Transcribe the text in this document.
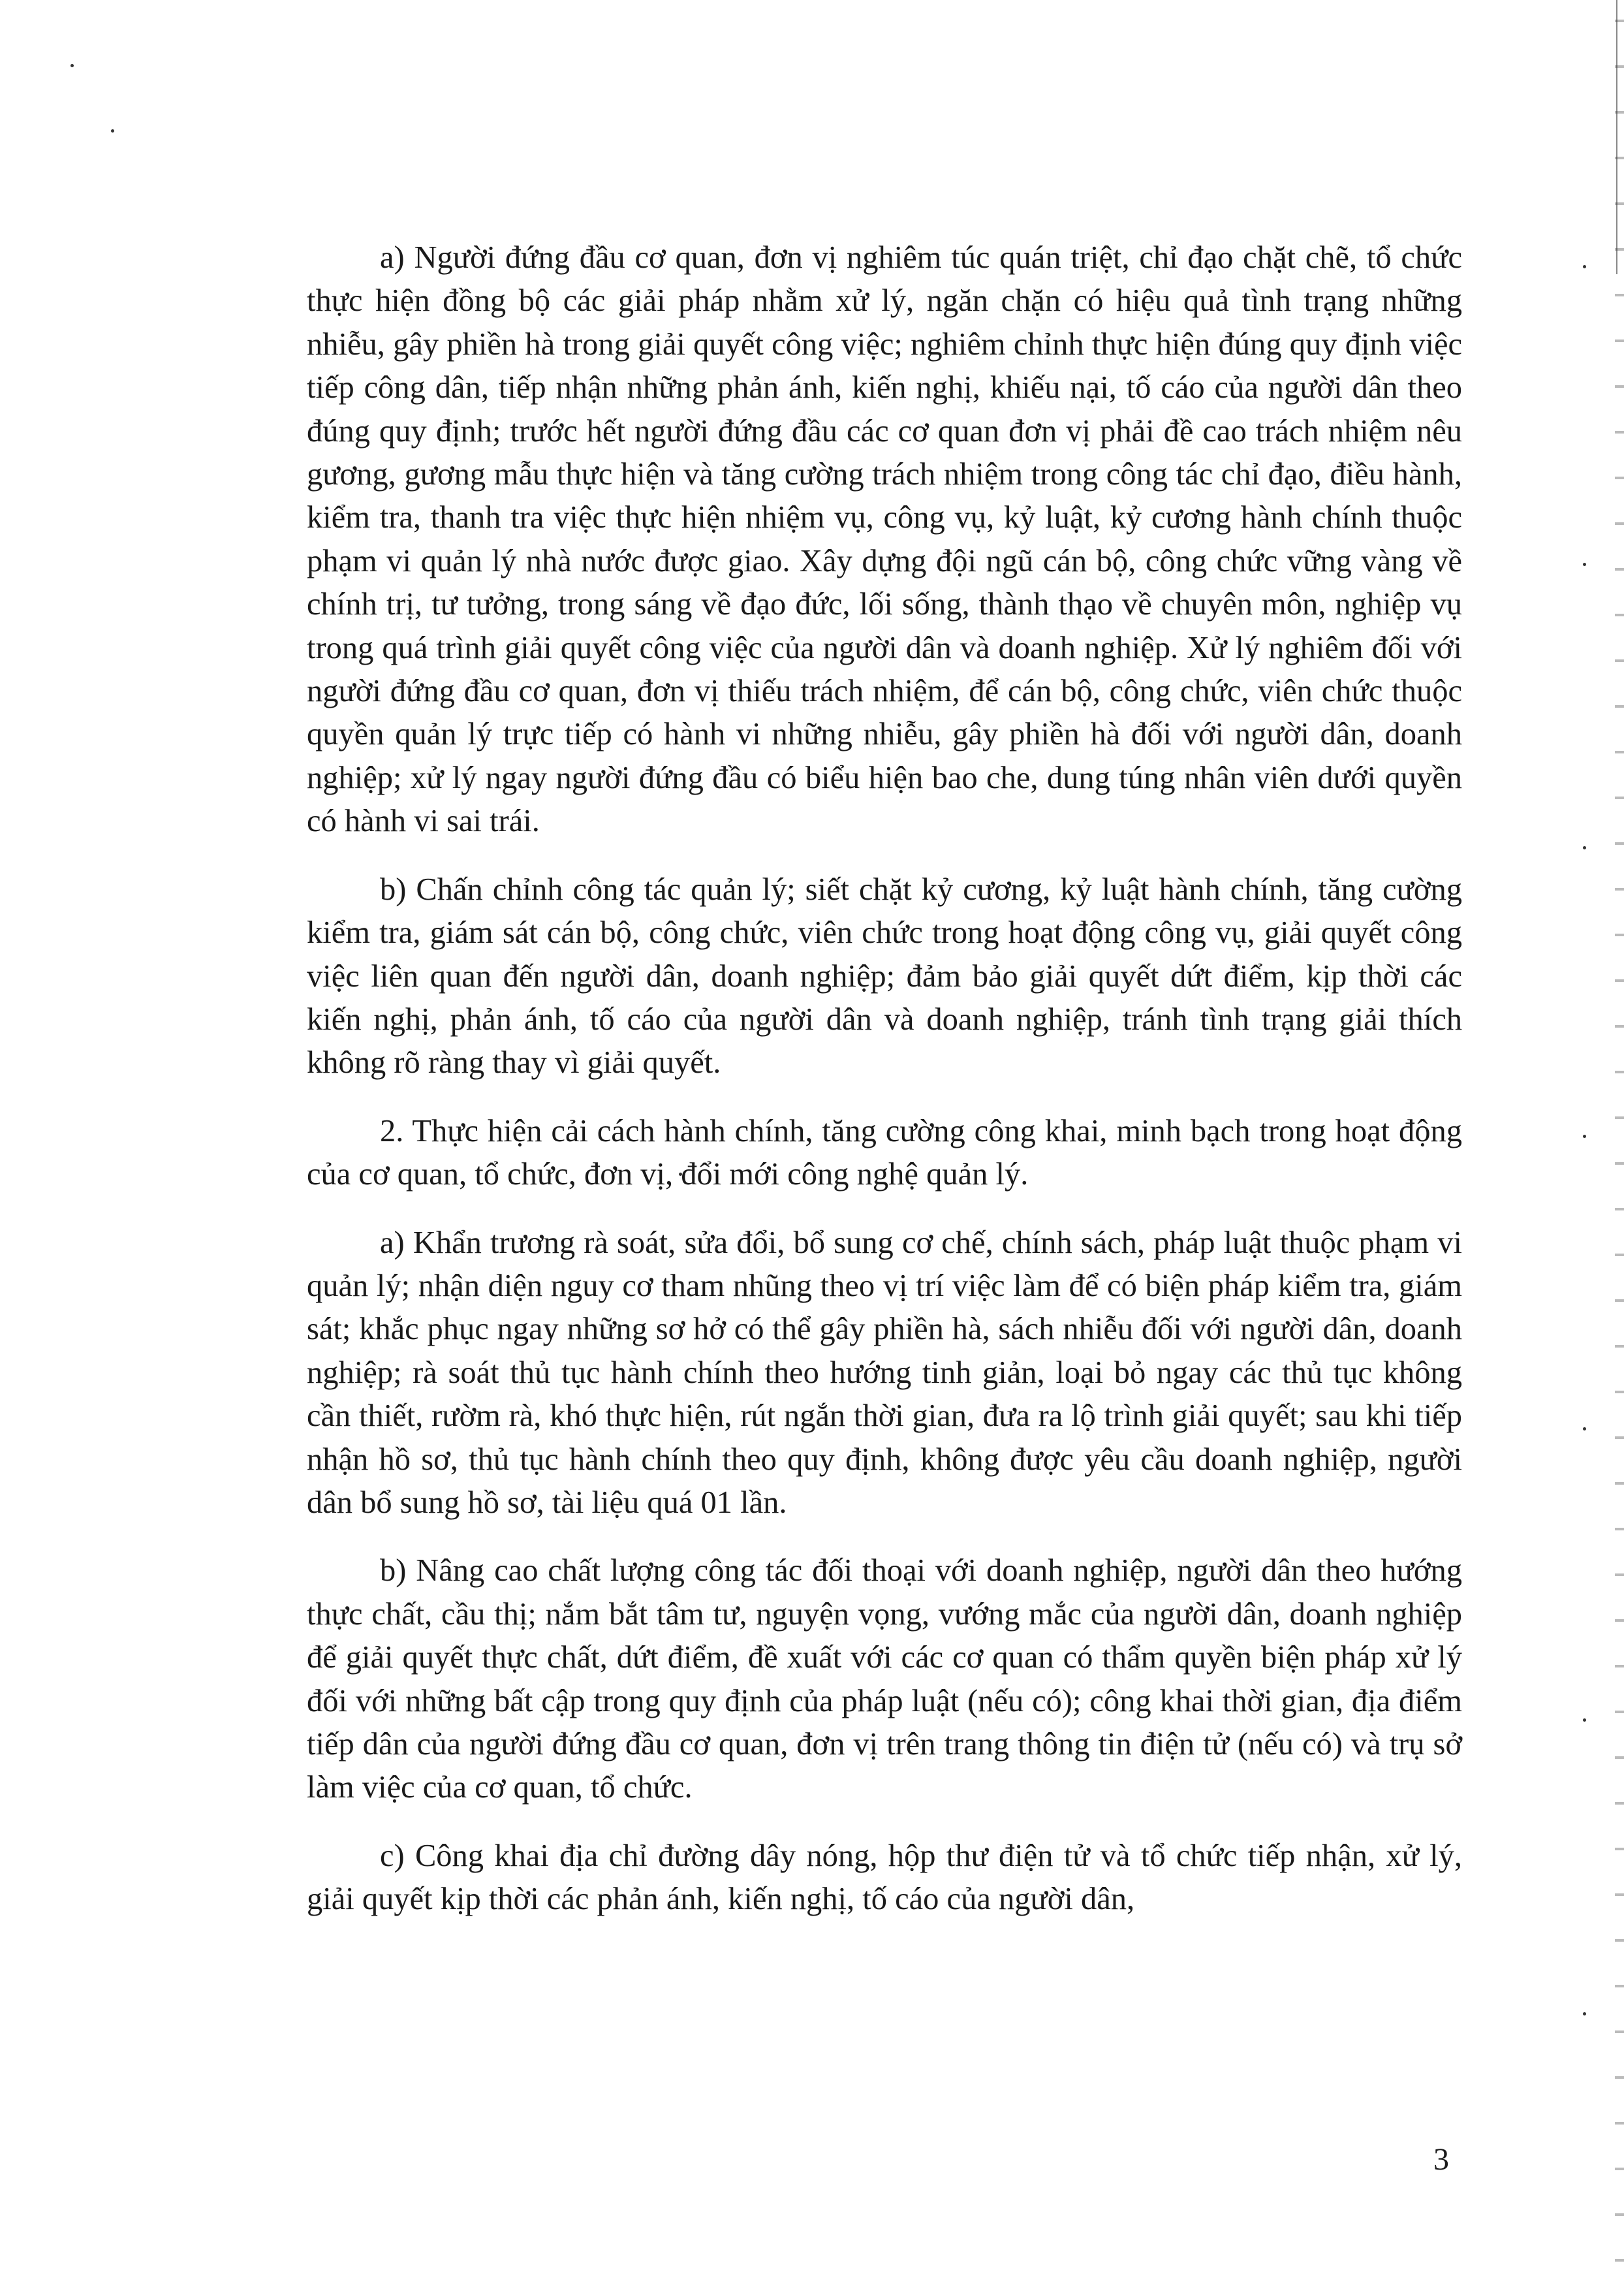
a) Người đứng đầu cơ quan, đơn vị nghiêm túc quán triệt, chỉ đạo chặt chẽ, tổ chức thực hiện đồng bộ các giải pháp nhằm xử lý, ngăn chặn có hiệu quả tình trạng những nhiễu, gây phiền hà trong giải quyết công việc; nghiêm chỉnh thực hiện đúng quy định việc tiếp công dân, tiếp nhận những phản ánh, kiến nghị, khiếu nại, tố cáo của người dân theo đúng quy định; trước hết người đứng đầu các cơ quan đơn vị phải đề cao trách nhiệm nêu gương, gương mẫu thực hiện và tăng cường trách nhiệm trong công tác chỉ đạo, điều hành, kiểm tra, thanh tra việc thực hiện nhiệm vụ, công vụ, kỷ luật, kỷ cương hành chính thuộc phạm vi quản lý nhà nước được giao. Xây dựng đội ngũ cán bộ, công chức vững vàng về chính trị, tư tưởng, trong sáng về đạo đức, lối sống, thành thạo về chuyên môn, nghiệp vụ trong quá trình giải quyết công việc của người dân và doanh nghiệp. Xử lý nghiêm đối với người đứng đầu cơ quan, đơn vị thiếu trách nhiệm, để cán bộ, công chức, viên chức thuộc quyền quản lý trực tiếp có hành vi những nhiễu, gây phiền hà đối với người dân, doanh nghiệp; xử lý ngay người đứng đầu có biểu hiện bao che, dung túng nhân viên dưới quyền có hành vi sai trái.

b) Chấn chỉnh công tác quản lý; siết chặt kỷ cương, kỷ luật hành chính, tăng cường kiểm tra, giám sát cán bộ, công chức, viên chức trong hoạt động công vụ, giải quyết công việc liên quan đến người dân, doanh nghiệp; đảm bảo giải quyết dứt điểm, kịp thời các kiến nghị, phản ánh, tố cáo của người dân và doanh nghiệp, tránh tình trạng giải thích không rõ ràng thay vì giải quyết.

2. Thực hiện cải cách hành chính, tăng cường công khai, minh bạch trong hoạt động của cơ quan, tổ chức, đơn vị, đổi mới công nghệ quản lý.

a) Khẩn trương rà soát, sửa đổi, bổ sung cơ chế, chính sách, pháp luật thuộc phạm vi quản lý; nhận diện nguy cơ tham nhũng theo vị trí việc làm để có biện pháp kiểm tra, giám sát; khắc phục ngay những sơ hở có thể gây phiền hà, sách nhiễu đối với người dân, doanh nghiệp; rà soát thủ tục hành chính theo hướng tinh giản, loại bỏ ngay các thủ tục không cần thiết, rườm rà, khó thực hiện, rút ngắn thời gian, đưa ra lộ trình giải quyết; sau khi tiếp nhận hồ sơ, thủ tục hành chính theo quy định, không được yêu cầu doanh nghiệp, người dân bổ sung hồ sơ, tài liệu quá 01 lần.

b) Nâng cao chất lượng công tác đối thoại với doanh nghiệp, người dân theo hướng thực chất, cầu thị; nắm bắt tâm tư, nguyện vọng, vướng mắc của người dân, doanh nghiệp để giải quyết thực chất, dứt điểm, đề xuất với các cơ quan có thẩm quyền biện pháp xử lý đối với những bất cập trong quy định của pháp luật (nếu có); công khai thời gian, địa điểm tiếp dân của người đứng đầu cơ quan, đơn vị trên trang thông tin điện tử (nếu có) và trụ sở làm việc của cơ quan, tổ chức.

c) Công khai địa chỉ đường dây nóng, hộp thư điện tử và tổ chức tiếp nhận, xử lý, giải quyết kịp thời các phản ánh, kiến nghị, tố cáo của người dân,

3
